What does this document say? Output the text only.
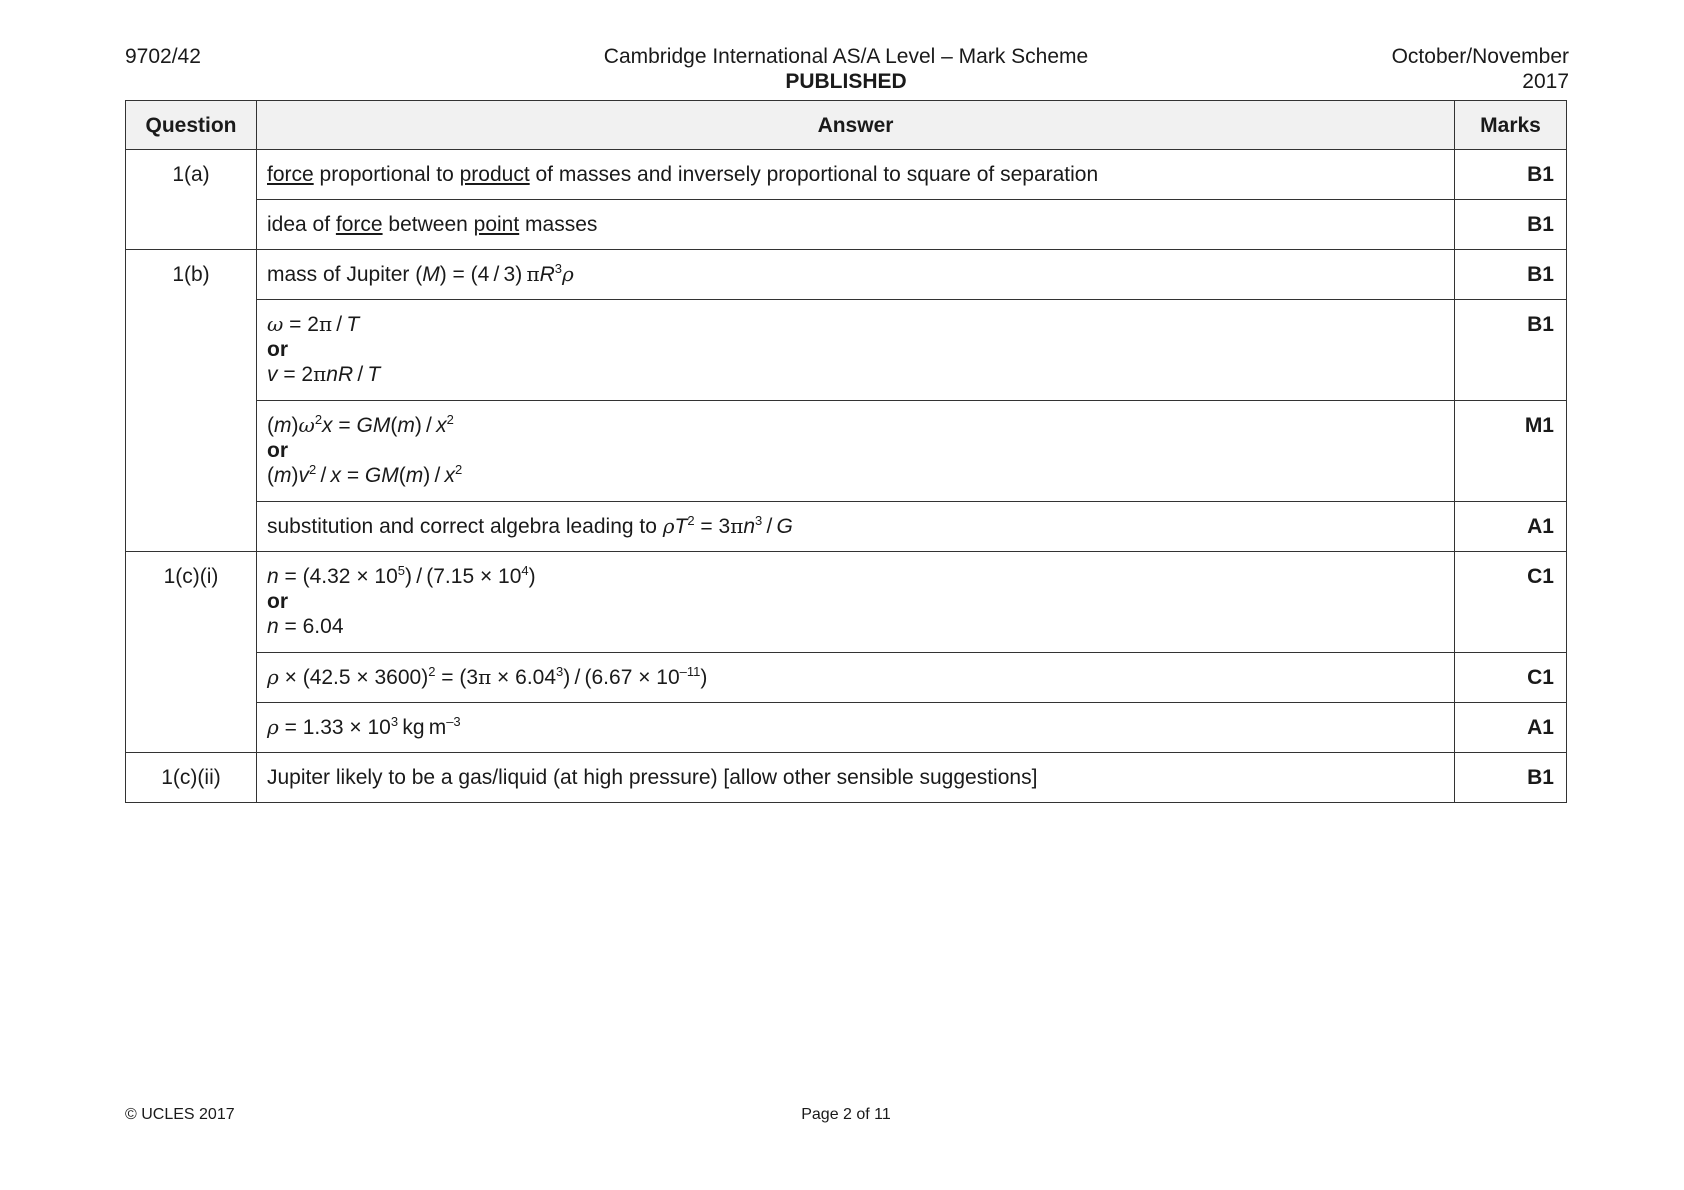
9702/42	Cambridge International AS/A Level – Mark Scheme
PUBLISHED
October/November
2017
Question	Answer	Marks
1(a)	force proportional to product of masses and inversely proportional to square of separation	B1
	idea of force between point masses	B1
1(b)	mass of Jupiter (M) = (4 / 3) $\pi R^3\rho$	B1

	ω = 2π / T
or
v = 2πnR / T	B1

	$(m)\omega^2x = GM(m) / x^2$
or
$(m)v^2 / x = GM(m) / x^2$	M1
	substitution and correct algebra leading to $\rho T^2 = 3\pi n^3 / G$	A1
1(c)(i)	$n = (4.32 \times 10^5) / (7.15 \times 10^4)$
or
n = 6.04	C1
	$\rho \times (42.5 \times 3600)^2 = (3\pi \times 6.04^3) / (6.67 \times 10^{-11})$	C1
	$\rho = 1.33 \times 10^3$ kg $m^{-3}$	A1
1(c)(ii)	Jupiter likely to be a gas/liquid (at high pressure) [allow other sensible suggestions]	B1
© UCLES 2017	Page 2 of 11
